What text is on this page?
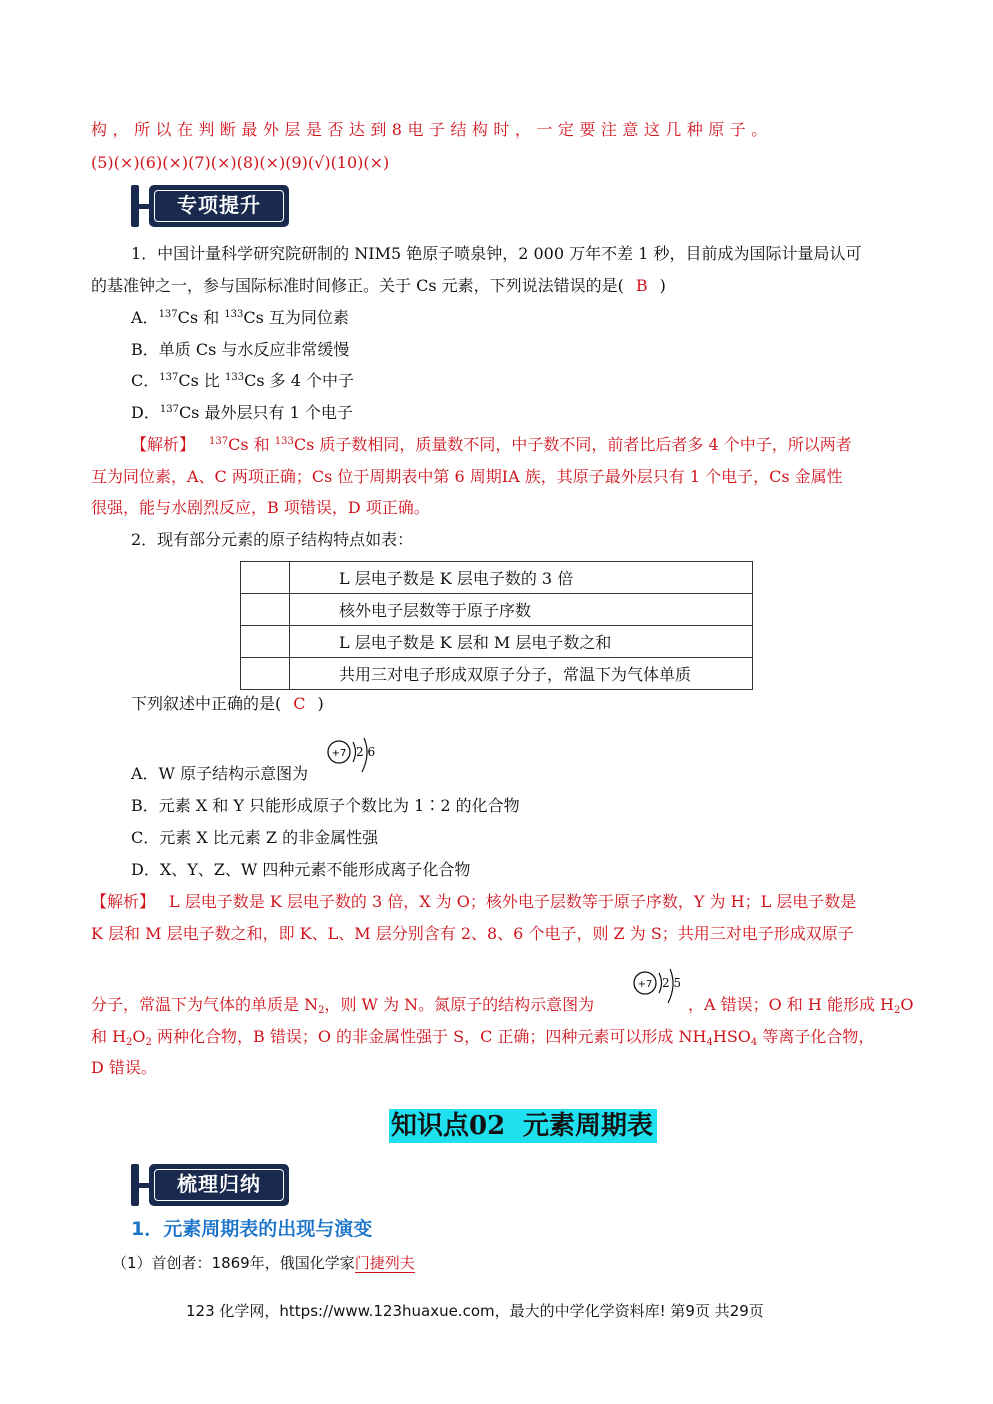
构 ， 所 以 在 判 断 最 外 层 是 否 达 到 8 电 子 结 构 时 ， 一 定 要 注 意 这 几 种 原 子 。
(5)(×)(6)(×)(7)(×)(8)(×)(9)(√)(10)(×)
专项提升
1．中国计量科学研究院研制的 NIM5 铯原子喷泉钟，2 000 万年不差 1 秒，目前成为国际计量局认可
的基准钟之一，参与国际标准时间修正。关于 Cs 元素，下列说法错误的是( B )
A．$^{137}$Cs 和 $^{133}$Cs 互为同位素
B．单质 Cs 与水反应非常缓慢
C．$^{137}$Cs 比 $^{133}$Cs 多 4 个中子
D．$^{137}$Cs 最外层只有 1 个电子
【解析】 $^{137}$Cs 和 $^{133}$Cs 质子数相同，质量数不同，中子数不同，前者比后者多 4 个中子，所以两者
互为同位素，A、C 两项正确；Cs 位于周期表中第 6 周期ⅠA 族，其原子最外层只有 1 个电子，Cs 金属性
很强，能与水剧烈反应，B 项错误，D 项正确。
2．现有部分元素的原子结构特点如表：
	L 层电子数是 K 层电子数的 3 倍
	核外电子层数等于原子序数
	L 层电子数是 K 层和 M 层电子数之和
	共用三对电子形成双原子分子，常温下为气体单质
下列叙述中正确的是( C )
A．W 原子结构示意图为
+7 2 6
B．元素 X 和 Y 只能形成原子个数比为 1∶2 的化合物
C．元素 X 比元素 Z 的非金属性强
D．X、Y、Z、W 四种元素不能形成离子化合物
【解析】 L 层电子数是 K 层电子数的 3 倍，X 为 O；核外电子层数等于原子序数，Y 为 H；L 层电子数是
K 层和 M 层电子数之和，即 K、L、M 层分别含有 2、8、6 个电子，则 Z 为 S；共用三对电子形成双原子
分子，常温下为气体的单质是 $N_2$，则 W 为 N。氮原子的结构示意图为
+7 2 5
，A 错误；O 和 H 能形成 $H_2O$
和 $H_2O_2$ 两种化合物，B 错误；O 的非金属性强于 S，C 正确；四种元素可以形成 $NH_4HSO_4$ 等离子化合物，
D 错误。
知识点02 元素周期表
梳理归纳
1．元素周期表的出现与演变
（1）首创者：1869年，俄国化学家门捷列夫
123 化学网，https://www.123huaxue.com，最大的中学化学资料库! 第9页 共29页
